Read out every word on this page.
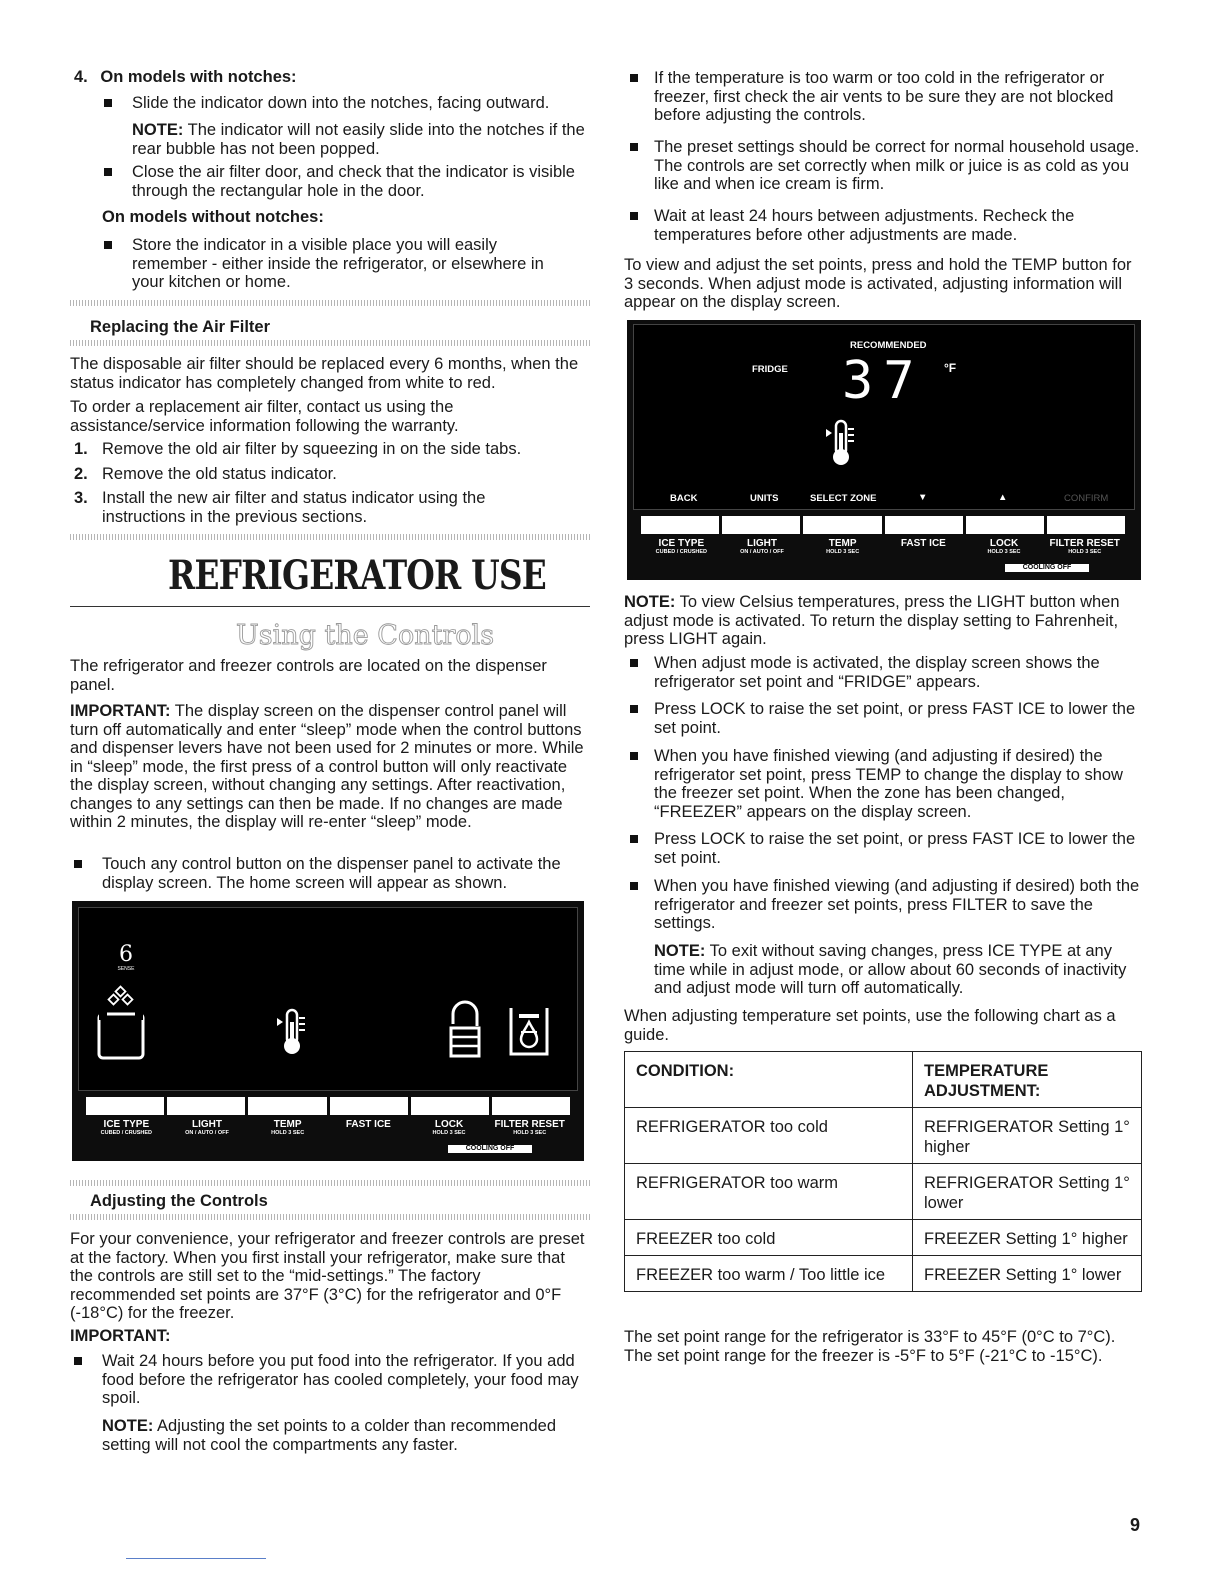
4. On models with notches:
Slide the indicator down into the notches, facing outward.

NOTE: The indicator will not easily slide into the notches if the rear bubble has not been popped.

Close the air filter door, and check that the indicator is visible through the rectangular hole in the door.
On models without notches:
Store the indicator in a visible place you will easily remember - either inside the refrigerator, or elsewhere in your kitchen or home.
Replacing the Air Filter

The disposable air filter should be replaced every 6 months, when the status indicator has completely changed from white to red.

To order a replacement air filter, contact us using the assistance/service information following the warranty.

1. Remove the old air filter by squeezing in on the side tabs.
2. Remove the old status indicator.
3. Install the new air filter and status indicator using the instructions in the previous sections.
REFRIGERATOR USE
Using the Controls

The refrigerator and freezer controls are located on the dispenser panel.

IMPORTANT: The display screen on the dispenser control panel will turn off automatically and enter “sleep” mode when the control buttons and dispenser levers have not been used for 2 minutes or more. While in “sleep” mode, the first press of a control button will only reactivate the display screen, without changing any settings. After reactivation, changes to any settings can then be made. If no changes are made within 2 minutes, the display will re-enter “sleep” mode.

Touch any control button on the dispenser panel to activate the display screen. The home screen will appear as shown.
6
SENSE
ICE TYPE
CUBED / CRUSHED
LIGHT
ON / AUTO / OFF
TEMP
HOLD 3 SEC
FAST ICE	LOCK
HOLD 3 SEC
FILTER RESET
HOLD 3 SEC
COOLING OFF
Adjusting the Controls

For your convenience, your refrigerator and freezer controls are preset at the factory. When you first install your refrigerator, make sure that the controls are still set to the “mid-settings.” The factory recommended set points are 37°F (3°C) for the refrigerator and 0°F (-18°C) for the freezer.

IMPORTANT:
Wait 24 hours before you put food into the refrigerator. If you add food before the refrigerator has cooled completely, your food may spoil.

NOTE: Adjusting the set points to a colder than recommended setting will not cool the compartments any faster.

If the temperature is too warm or too cold in the refrigerator or freezer, first check the air vents to be sure they are not blocked before adjusting the controls.
The preset settings should be correct for normal household usage. The controls are set correctly when milk or juice is as cold as you like and when ice cream is firm.
Wait at least 24 hours between adjustments. Recheck the temperatures before other adjustments are made.

To view and adjust the set points, press and hold the TEMP button for 3 seconds. When adjust mode is activated, adjusting information will appear on the display screen.

RECOMMENDED
FRIDGE 37 °F
BACK	UNITS	SELECT ZONE	▼	▲	CONFIRM
ICE TYPE
CUBED / CRUSHED
LIGHT
ON / AUTO / OFF
TEMP
HOLD 3 SEC
FAST ICE	LOCK
HOLD 3 SEC
FILTER RESET
HOLD 3 SEC
COOLING OFF

NOTE: To view Celsius temperatures, press the LIGHT button when adjust mode is activated. To return the display setting to Fahrenheit, press LIGHT again.

When adjust mode is activated, the display screen shows the refrigerator set point and “FRIDGE” appears.
Press LOCK to raise the set point, or press FAST ICE to lower the set point.
When you have finished viewing (and adjusting if desired) the refrigerator set point, press TEMP to change the display to show the freezer set point. When the zone has been changed, “FREEZER” appears on the display screen.
Press LOCK to raise the set point, or press FAST ICE to lower the set point.
When you have finished viewing (and adjusting if desired) both the refrigerator and freezer set points, press FILTER to save the settings.

NOTE: To exit without saving changes, press ICE TYPE at any time while in adjust mode, or allow about 60 seconds of inactivity and adjust mode will turn off automatically.

When adjusting temperature set points, use the following chart as a guide.

CONDITION:	TEMPERATURE ADJUSTMENT:
REFRIGERATOR too cold	REFRIGERATOR Setting 1° higher
REFRIGERATOR too warm	REFRIGERATOR Setting 1° lower
FREEZER too cold	FREEZER Setting 1° higher
FREEZER too warm / Too little ice	FREEZER Setting 1° lower

The set point range for the refrigerator is 33°F to 45°F (0°C to 7°C). The set point range for the freezer is -5°F to 5°F (-21°C to -15°C).

9
